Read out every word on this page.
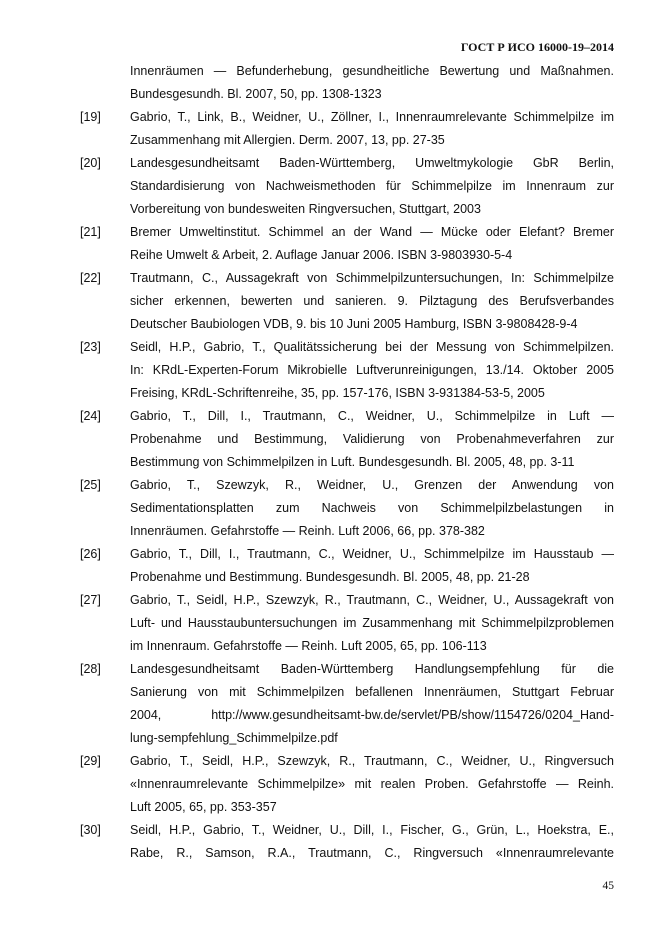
ГОСТ Р ИСО 16000-19–2014
Innenräumen — Befunderhebung, gesundheitliche Bewertung und Maßnahmen.
Bundesgesundh. Bl. 2007, 50, pp. 1308-1323
[19]	Gabrio, T., Link, B., Weidner, U., Zöllner, I., Innenraumrelevante Schimmelpilze im
Zusammenhang mit Allergien. Derm. 2007, 13, pp. 27-35
[20]	Landesgesundheitsamt Baden-Württemberg, Umweltmykologie GbR Berlin,
Standardisierung von Nachweismethoden für Schimmelpilze im Innenraum zur
Vorbereitung von bundesweiten Ringversuchen, Stuttgart, 2003
[21]	Bremer Umweltinstitut. Schimmel an der Wand — Mücke oder Elefant? Bremer
Reihe Umwelt & Arbeit, 2. Auflage Januar 2006. ISBN 3-9803930-5-4
[22]	Trautmann, C., Aussagekraft von Schimmelpilzuntersuchungen, In: Schimmelpilze
sicher erkennen, bewerten und sanieren. 9. Pilztagung des Berufsverbandes
Deutscher Baubiologen VDB, 9. bis 10 Juni 2005 Hamburg, ISBN 3-9808428-9-4
[23]	Seidl, H.P., Gabrio, T., Qualitätssicherung bei der Messung von Schimmelpilzen.
In: KRdL-Experten-Forum Mikrobielle Luftverunreinigungen, 13./14. Oktober 2005
Freising, KRdL-Schriftenreihe, 35, pp. 157-176, ISBN 3-931384-53-5, 2005
[24]	Gabrio, T., Dill, I., Trautmann, C., Weidner, U., Schimmelpilze in Luft —
Probenahme und Bestimmung, Validierung von Probenahmeverfahren zur
Bestimmung von Schimmelpilzen in Luft. Bundesgesundh. Bl. 2005, 48, pp. 3-11
[25]	Gabrio, T., Szewzyk, R., Weidner, U., Grenzen der Anwendung von
Sedimentationsplatten zum Nachweis von Schimmelpilzbelastungen in
Innenräumen. Gefahrstoffe — Reinh. Luft 2006, 66, pp. 378-382
[26]	Gabrio, T., Dill, I., Trautmann, C., Weidner, U., Schimmelpilze im Hausstaub —
Probenahme und Bestimmung. Bundesgesundh. Bl. 2005, 48, pp. 21-28
[27]	Gabrio, T., Seidl, H.P., Szewzyk, R., Trautmann, C., Weidner, U., Aussagekraft von
Luft- und Hausstaubuntersuchungen im Zusammenhang mit Schimmelpilzproblemen
im Innenraum. Gefahrstoffe — Reinh. Luft 2005, 65, pp. 106-113
[28]	Landesgesundheitsamt Baden-Württemberg Handlungsempfehlung für die
Sanierung von mit Schimmelpilzen befallenen Innenräumen, Stuttgart Februar
2004, http://www.gesundheitsamt-bw.de/servlet/PB/show/1154726/0204_Hand-
lung-sempfehlung_Schimmelpilze.pdf
[29]	Gabrio, T., Seidl, H.P., Szewzyk, R., Trautmann, C., Weidner, U., Ringversuch
«Innenraumrelevante Schimmelpilze» mit realen Proben. Gefahrstoffe — Reinh.
Luft 2005, 65, pp. 353-357
[30]	Seidl, H.P., Gabrio, T., Weidner, U., Dill, I., Fischer, G., Grün, L., Hoekstra, E.,
Rabe, R., Samson, R.A., Trautmann, C., Ringversuch «Innenraumrelevante
45
